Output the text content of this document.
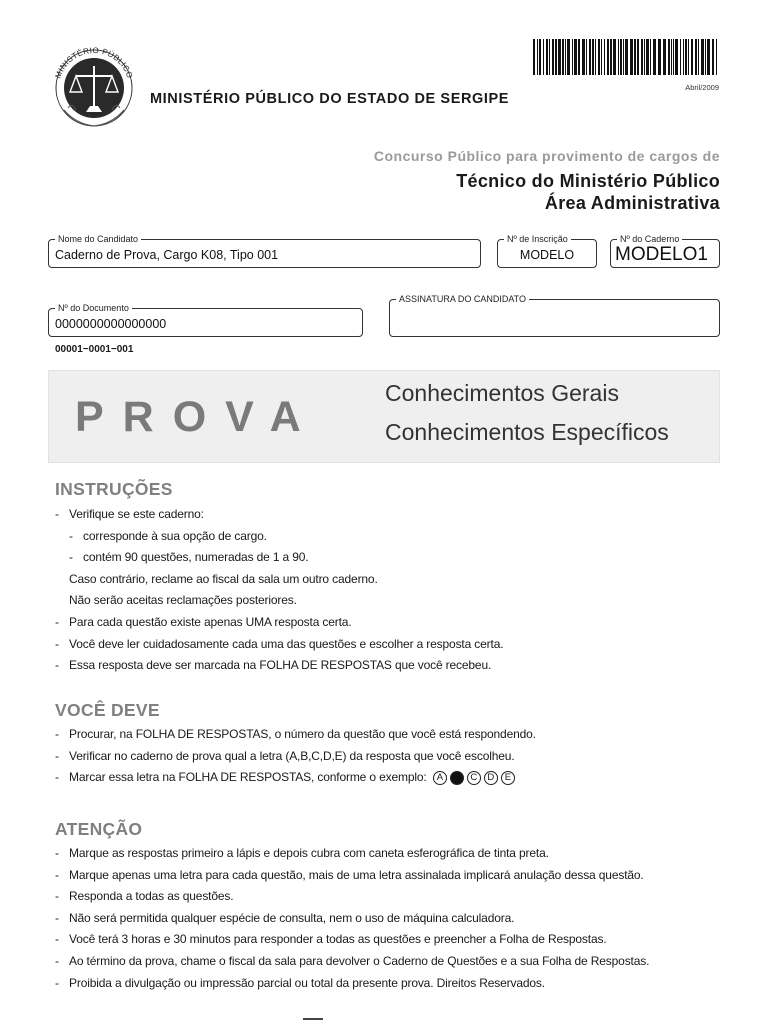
MINISTÉRIO PÚBLICO
MINISTÉRIO PÚBLICO DO ESTADO DE SERGIPE
Abril/2009
Concurso Público para provimento de cargos de
Técnico do Ministério Público
Área Administrativa
Nome do Candidato
Caderno de Prova, Cargo K08, Tipo 001
Nº de Inscrição
MODELO
Nº do Caderno
MODELO1
Nº do Documento
0000000000000000
ASSINATURA DO CANDIDATO
00001−0001−001
PROVA	Conhecimentos Gerais
Conhecimentos Específicos
INSTRUÇÕES
- Verifique se este caderno:
- corresponde à sua opção de cargo.
- contém 90 questões, numeradas de 1 a 90.
Caso contrário, reclame ao fiscal da sala um outro caderno.
Não serão aceitas reclamações posteriores.
- Para cada questão existe apenas UMA resposta certa.
- Você deve ler cuidadosamente cada uma das questões e escolher a resposta certa.
- Essa resposta deve ser marcada na FOLHA DE RESPOSTAS que você recebeu.
VOCÊ DEVE
- Procurar, na FOLHA DE RESPOSTAS, o número da questão que você está respondendo.
- Verificar no caderno de prova qual a letra (A,B,C,D,E) da resposta que você escolheu.
- Marcar essa letra na FOLHA DE RESPOSTAS, conforme o exemplo: A	C D E
ATENÇÃO
- Marque as respostas primeiro a lápis e depois cubra com caneta esferográfica de tinta preta.
- Marque apenas uma letra para cada questão, mais de uma letra assinalada implicará anulação dessa questão.
- Responda a todas as questões.
- Não será permitida qualquer espécie de consulta, nem o uso de máquina calculadora.
- Você terá 3 horas e 30 minutos para responder a todas as questões e preencher a Folha de Respostas.
- Ao término da prova, chame o fiscal da sala para devolver o Caderno de Questões e a sua Folha de Respostas.
- Proibida a divulgação ou impressão parcial ou total da presente prova. Direitos Reservados.
